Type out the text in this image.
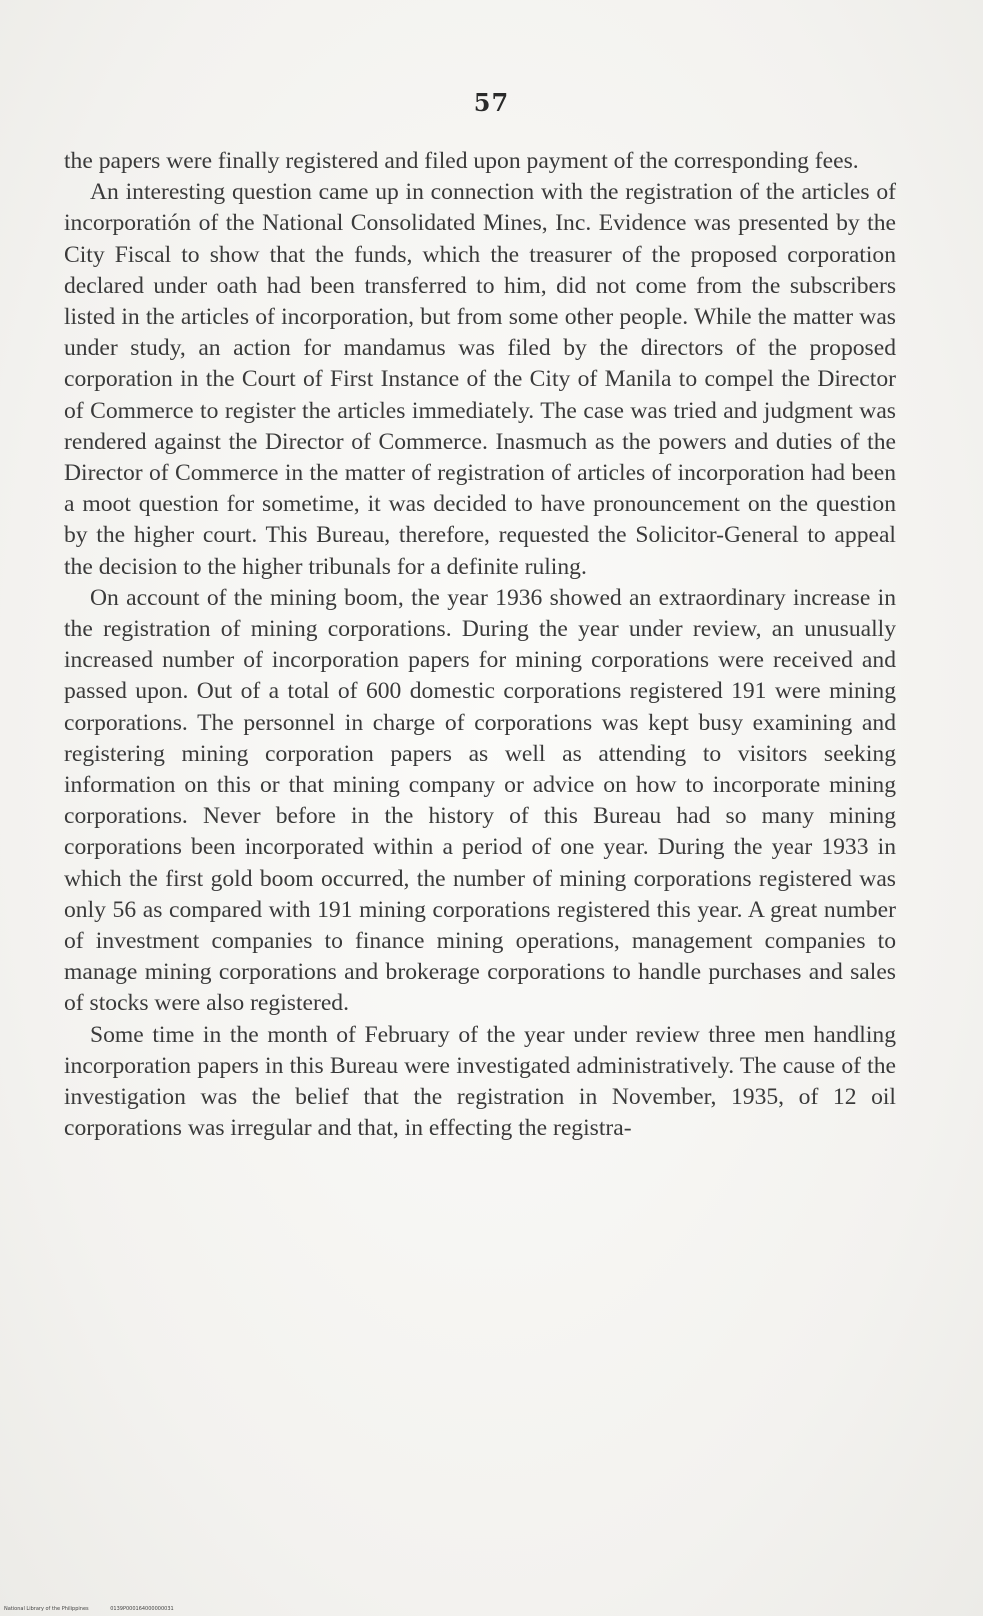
57

the papers were finally registered and filed upon payment of the corresponding fees.

An interesting question came up in connection with the registration of the articles of incorporatión of the National Consolidated Mines, Inc. Evidence was presented by the City Fiscal to show that the funds, which the treasurer of the proposed corporation declared under oath had been transferred to him, did not come from the subscribers listed in the articles of incorporation, but from some other people. While the matter was under study, an action for mandamus was filed by the directors of the proposed corporation in the Court of First Instance of the City of Manila to compel the Director of Commerce to register the articles immediately. The case was tried and judgment was rendered against the Director of Commerce. Inasmuch as the powers and duties of the Director of Commerce in the matter of registration of articles of incorporation had been a moot question for sometime, it was decided to have pronouncement on the question by the higher court. This Bureau, therefore, requested the Solicitor-General to appeal the decision to the higher tribunals for a definite ruling.

On account of the mining boom, the year 1936 showed an extraordinary increase in the registration of mining corporations. During the year under review, an unusually increased number of incorporation papers for mining corporations were received and passed upon. Out of a total of 600 domestic corporations registered 191 were mining corporations. The personnel in charge of corporations was kept busy examining and registering mining corporation papers as well as attending to visitors seeking information on this or that mining company or advice on how to incorporate mining corporations. Never before in the history of this Bureau had so many mining corporations been incorporated within a period of one year. During the year 1933 in which the first gold boom occurred, the number of mining corporations registered was only 56 as compared with 191 mining corporations registered this year. A great number of investment companies to finance mining operations, management companies to manage mining corporations and brokerage corporations to handle purchases and sales of stocks were also registered.

Some time in the month of February of the year under review three men handling incorporation papers in this Bureau were investigated administratively. The cause of the investigation was the belief that the registration in November, 1935, of 12 oil corporations was irregular and that, in effecting the registra-

National Library of the Philippines	0139P000164000000031
